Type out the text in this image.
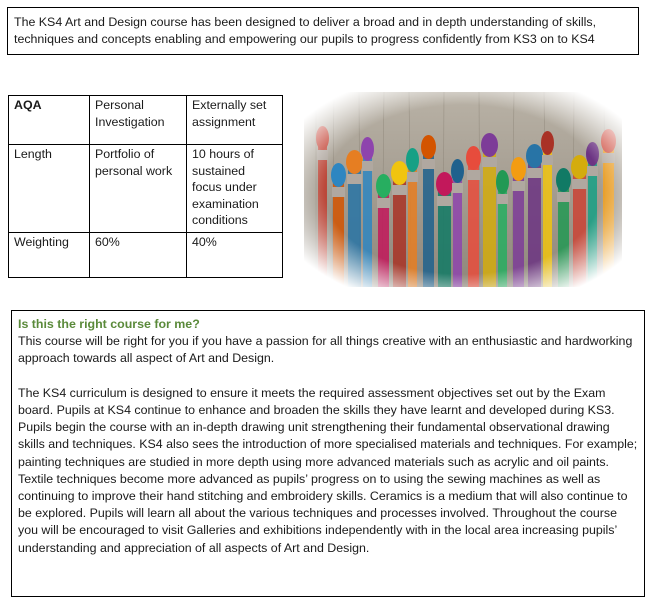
The KS4 Art and Design course has been designed to deliver a broad and in depth understanding of skills, techniques and concepts enabling and empowering our pupils to progress confidently from KS3 on to KS4
AQA	Personal Investigation	Externally set assignment
Length	Portfolio of personal work	10 hours of sustained focus under examination conditions
Weighting	60%	40%
Is this the right course for me?

This course will be right for you if you have a passion for all things creative with an enthusiastic and hardworking approach towards all aspect of Art and Design.

The KS4 curriculum is designed to ensure it meets the required assessment objectives set out by the Exam board. Pupils at KS4 continue to enhance and broaden the skills they have learnt and developed during KS3. Pupils begin the course with an in-depth drawing unit strengthening their fundamental observational drawing skills and techniques. KS4 also sees the introduction of more specialised materials and techniques. For example; painting techniques are studied in more depth using more advanced materials such as acrylic and oil paints. Textile techniques become more advanced as pupils’ progress on to using the sewing machines as well as continuing to improve their hand stitching and embroidery skills. Ceramics is a medium that will also continue to be explored. Pupils will learn all about the various techniques and processes involved. Throughout the course you will be encouraged to visit Galleries and exhibitions independently with in the local area increasing pupils’ understanding and appreciation of all aspects of Art and Design.
